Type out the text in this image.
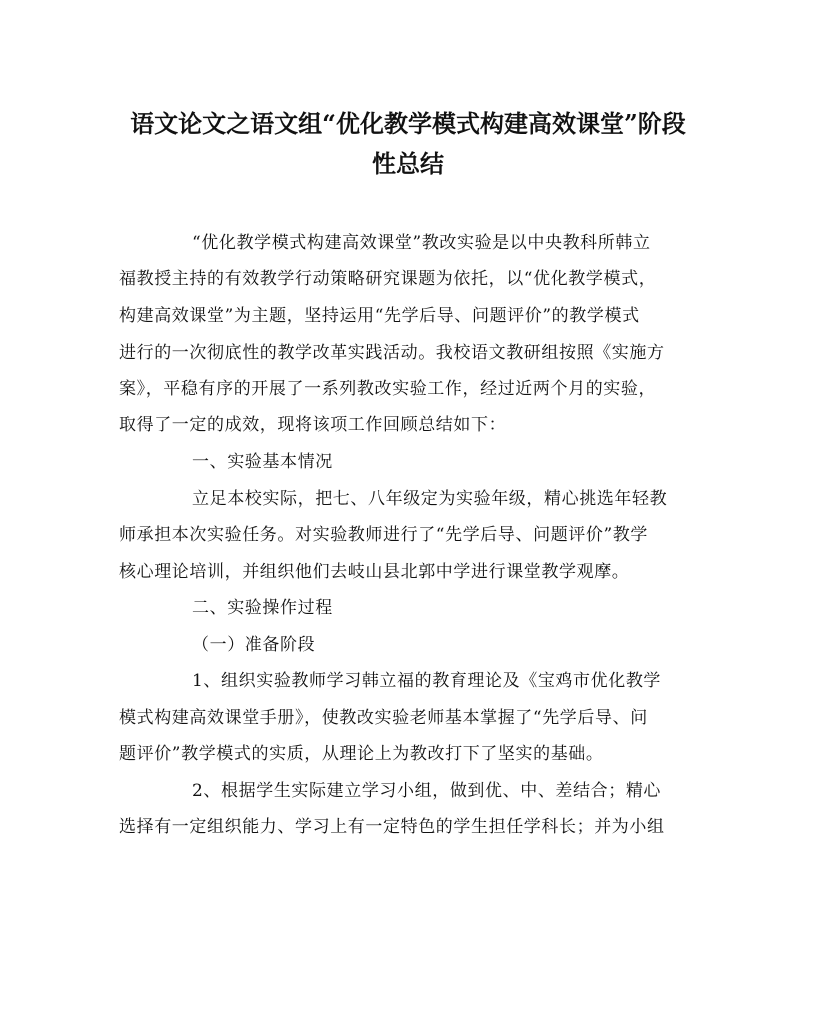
语文论文之语文组“优化教学模式构建高效课堂”阶段
性总结
“优化教学模式构建高效课堂”教改实验是以中央教科所韩立
福教授主持的有效教学行动策略研究课题为依托，以“优化教学模式，
构建高效课堂”为主题，坚持运用“先学后导、问题评价”的教学模式
进行的一次彻底性的教学改革实践活动。我校语文教研组按照《实施方
案》，平稳有序的开展了一系列教改实验工作，经过近两个月的实验，
取得了一定的成效，现将该项工作回顾总结如下：
一、实验基本情况
立足本校实际，把七、八年级定为实验年级，精心挑选年轻教
师承担本次实验任务。对实验教师进行了“先学后导、问题评价”教学
核心理论培训，并组织他们去岐山县北郭中学进行课堂教学观摩。
二、实验操作过程
（一）准备阶段
1、组织实验教师学习韩立福的教育理论及《宝鸡市优化教学
模式构建高效课堂手册》，使教改实验老师基本掌握了“先学后导、问
题评价”教学模式的实质，从理论上为教改打下了坚实的基础。
2、根据学生实际建立学习小组，做到优、中、差结合；精心
选择有一定组织能力、学习上有一定特色的学生担任学科长；并为小组
